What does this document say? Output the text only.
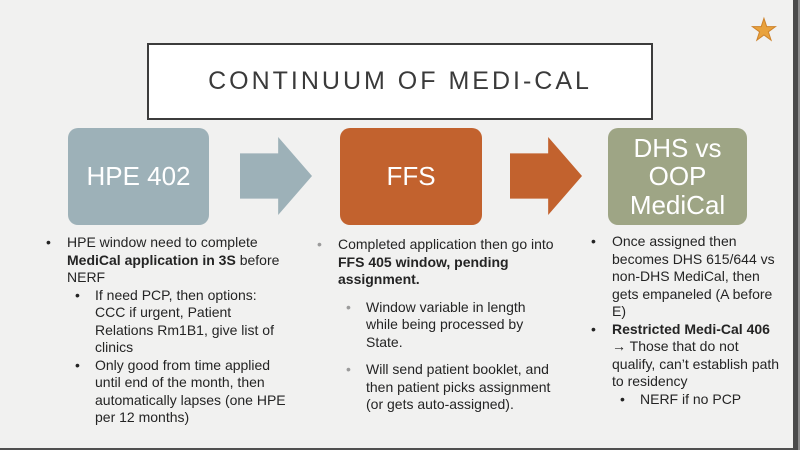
★
CONTINUUM OF MEDI-CAL
HPE 402	FFS
DHS vs OOP MediCal
• HPE window need to complete MediCal application in 3S before NERF
• If need PCP, then options: CCC if urgent, Patient Relations Rm1B1, give list of clinics
• Only good from time applied until end of the month, then automatically lapses (one HPE per 12 months)
• Completed application then go into FFS 405 window, pending assignment.
• Window variable in length while being processed by State.
• Will send patient booklet, and then patient picks assignment (or gets auto-assigned).
• Once assigned then becomes DHS 615/644 vs non-DHS MediCal, then gets empaneled (A before E)
• Restricted Medi-Cal 406 → Those that do not qualify, can’t establish path to residency
• NERF if no PCP
